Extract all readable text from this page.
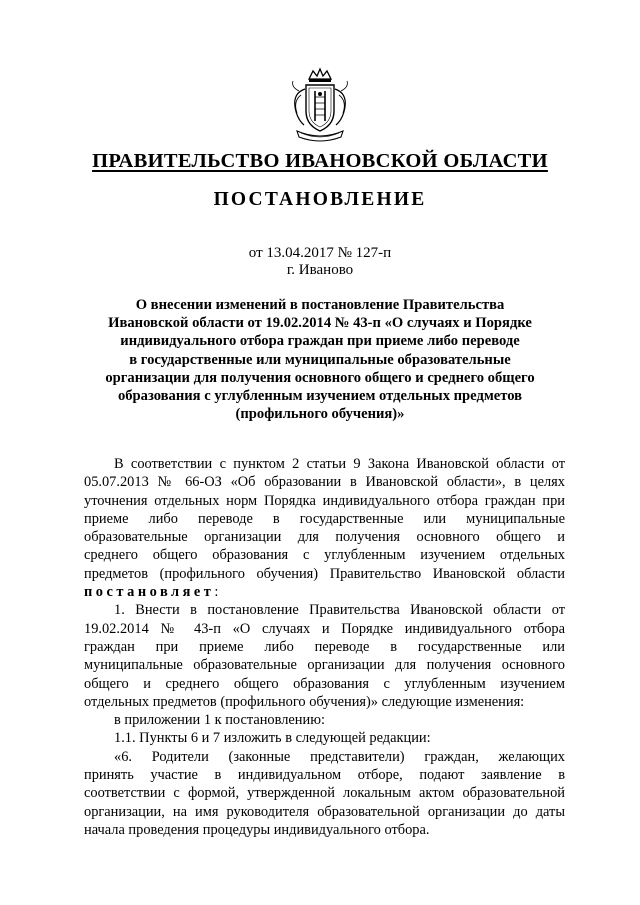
ПРАВИТЕЛЬСТВО ИВАНОВСКОЙ ОБЛАСТИ
ПОСТАНОВЛЕНИЕ
от 13.04.2017 № 127-п
г. Иваново
О внесении изменений в постановление Правительства
Ивановской области от 19.02.2014 № 43-п «О случаях и Порядке
индивидуального отбора граждан при приеме либо переводе
в государственные или муниципальные образовательные
организации для получения основного общего и среднего общего
образования с углубленным изучением отдельных предметов
(профильного обучения)»
В соответствии с пунктом 2 статьи 9 Закона Ивановской области от
05.07.2013 № 66-ОЗ «Об образовании в Ивановской области», в целях
уточнения отдельных норм Порядка индивидуального отбора граждан при
приеме либо переводе в государственные или муниципальные
образовательные организации для получения основного общего и
среднего общего образования с углубленным изучением отдельных
предметов (профильного обучения) Правительство Ивановской области
постановляет:
1. Внести в постановление Правительства Ивановской области от
19.02.2014 № 43-п «О случаях и Порядке индивидуального отбора
граждан при приеме либо переводе в государственные или
муниципальные образовательные организации для получения основного
общего и среднего общего образования с углубленным изучением
отдельных предметов (профильного обучения)» следующие изменения:
в приложении 1 к постановлению:
1.1. Пункты 6 и 7 изложить в следующей редакции:
«6. Родители (законные представители) граждан, желающих
принять участие в индивидуальном отборе, подают заявление в
соответствии с формой, утвержденной локальным актом образовательной
организации, на имя руководителя образовательной организации до даты
начала проведения процедуры индивидуального отбора.
